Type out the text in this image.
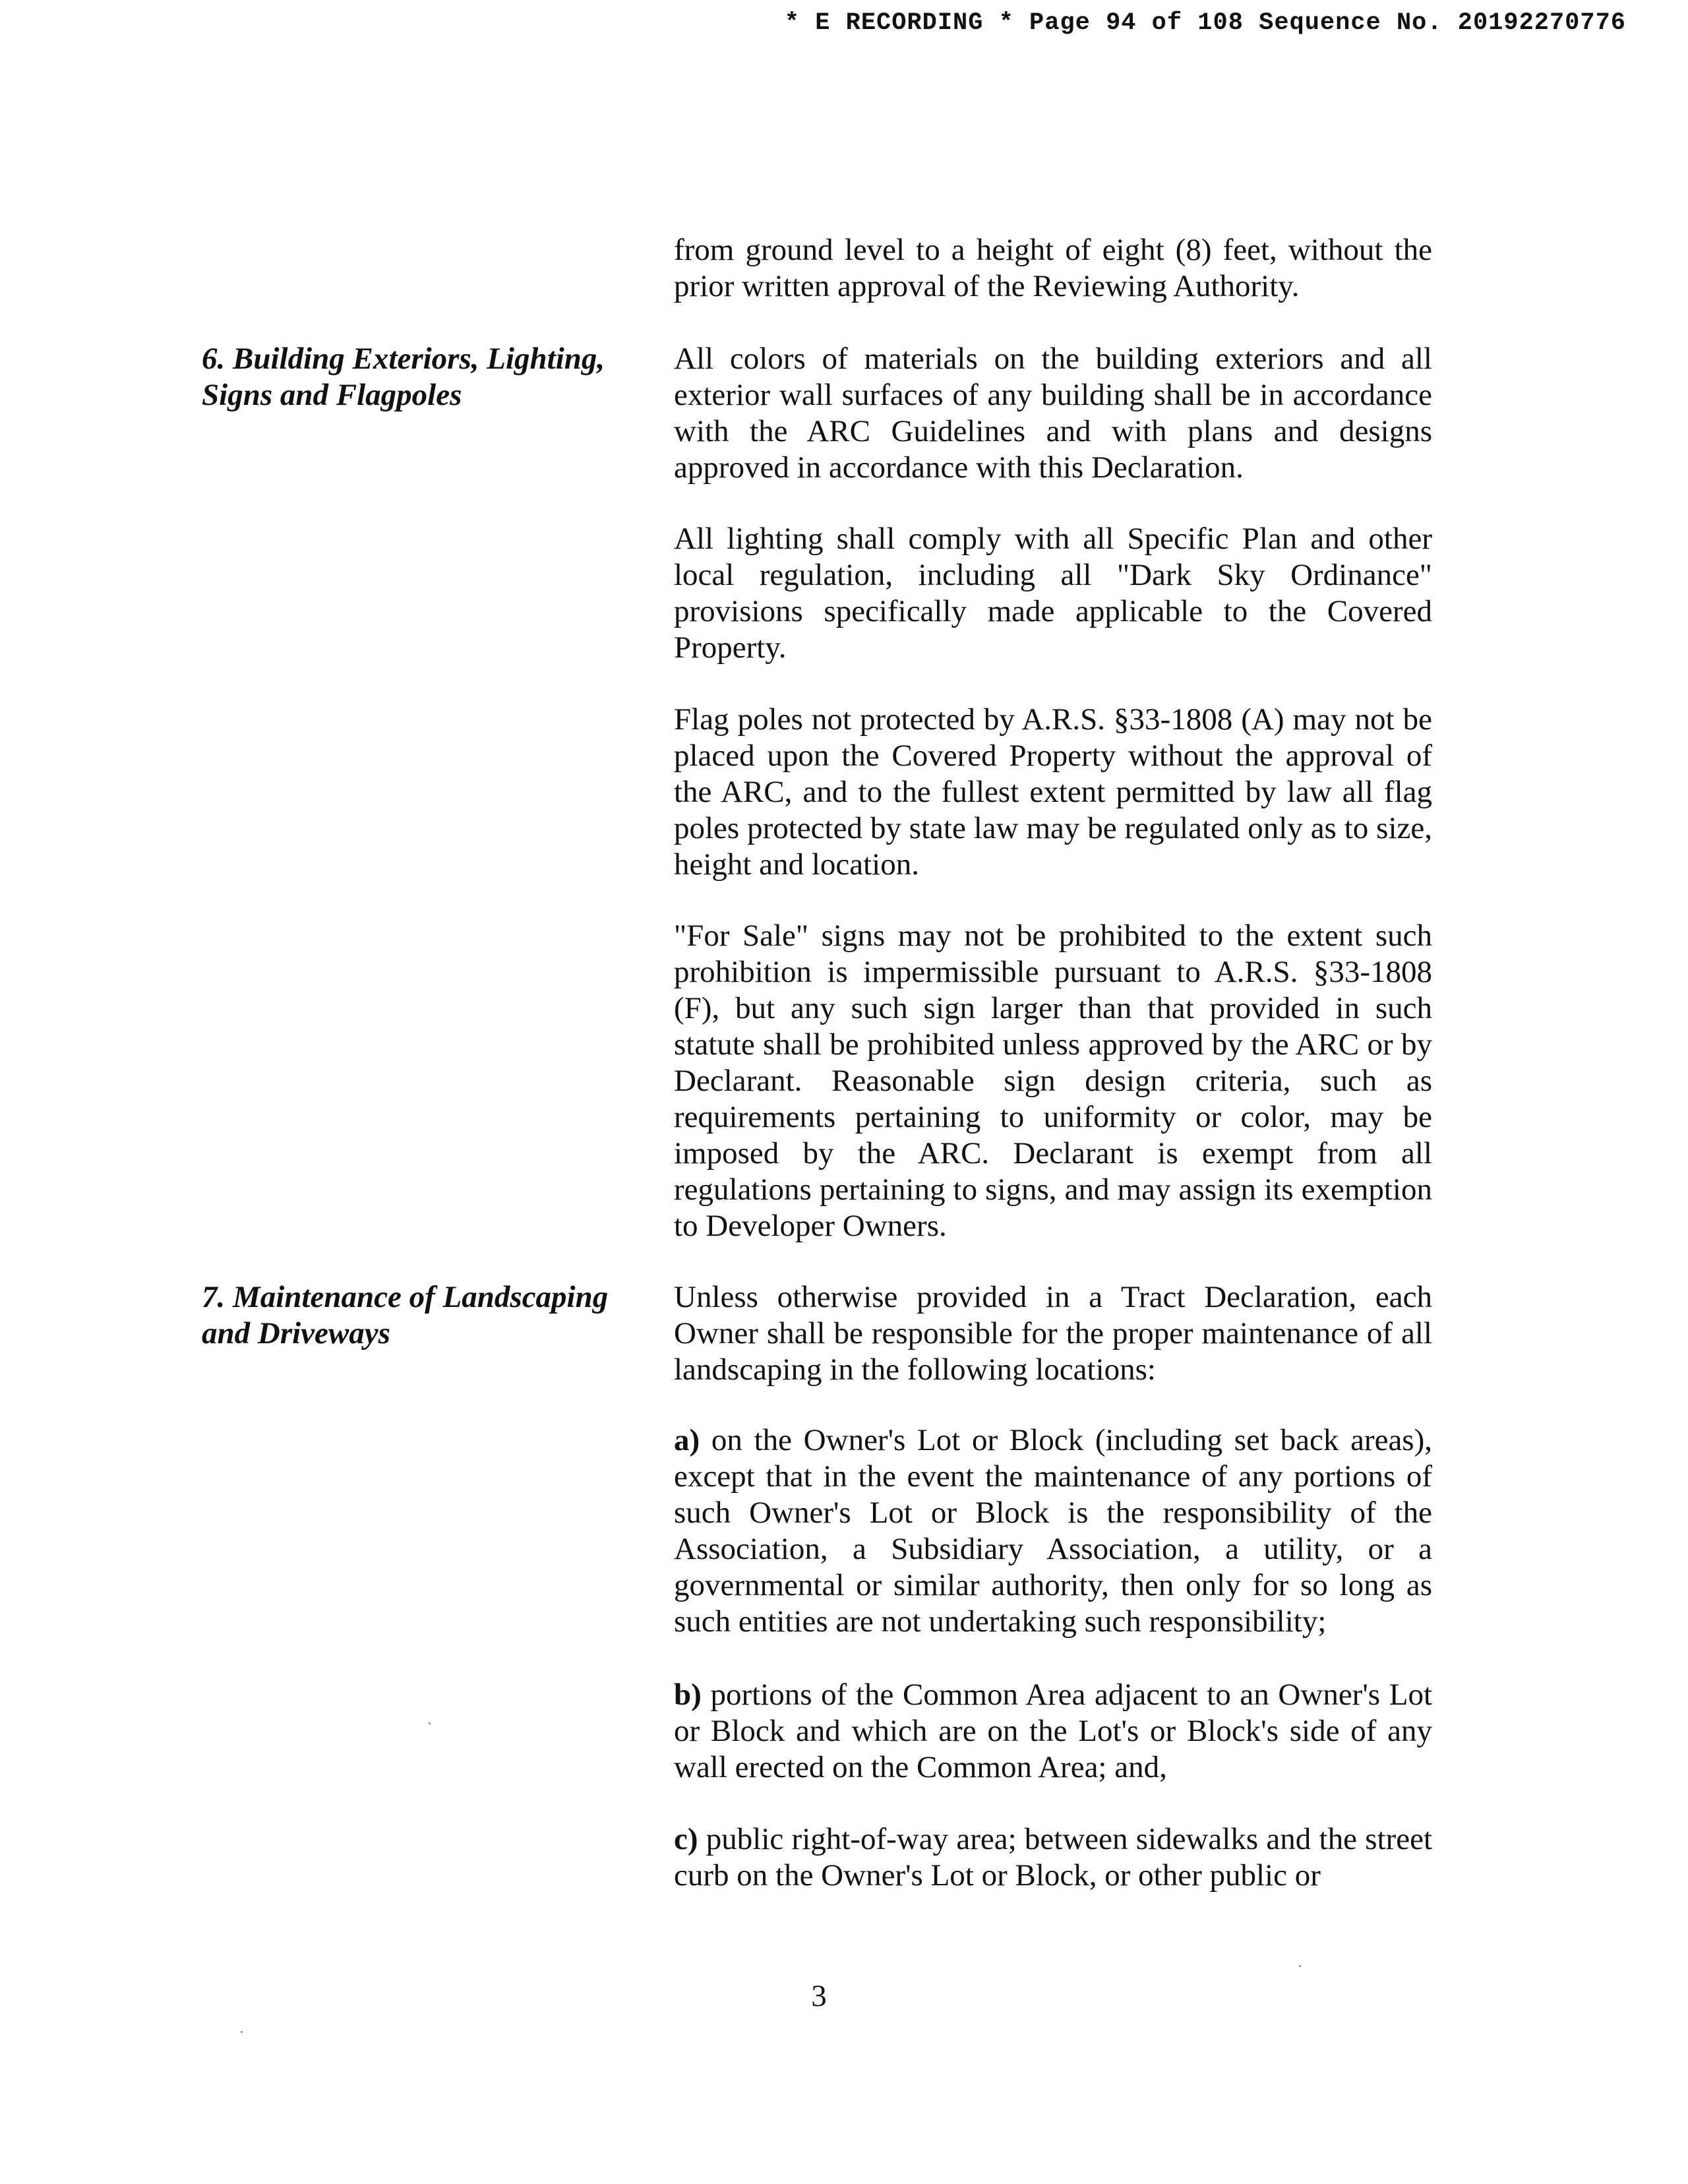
* E RECORDING * Page 94 of 108 Sequence No. 20192270776
from ground level to a height of eight (8) feet, without the prior written approval of the Reviewing Authority.
6. Building Exteriors, Lighting, Signs and Flagpoles
All colors of materials on the building exteriors and all exterior wall surfaces of any building shall be in accordance with the ARC Guidelines and with plans and designs approved in accordance with this Declaration.
All lighting shall comply with all Specific Plan and other local regulation, including all "Dark Sky Ordinance" provisions specifically made applicable to the Covered Property.
Flag poles not protected by A.R.S. §33-1808 (A) may not be placed upon the Covered Property without the approval of the ARC, and to the fullest extent permitted by law all flag poles protected by state law may be regulated only as to size, height and location.
"For Sale" signs may not be prohibited to the extent such prohibition is impermissible pursuant to A.R.S. §33-1808 (F), but any such sign larger than that provided in such statute shall be prohibited unless approved by the ARC or by Declarant. Reasonable sign design criteria, such as requirements pertaining to uniformity or color, may be imposed by the ARC. Declarant is exempt from all regulations pertaining to signs, and may assign its exemption to Developer Owners.
7. Maintenance of Landscaping and Driveways
Unless otherwise provided in a Tract Declaration, each Owner shall be responsible for the proper maintenance of all landscaping in the following locations:
a) on the Owner's Lot or Block (including set back areas), except that in the event the maintenance of any portions of such Owner's Lot or Block is the responsibility of the Association, a Subsidiary Association, a utility, or a governmental or similar authority, then only for so long as such entities are not undertaking such responsibility;
b) portions of the Common Area adjacent to an Owner's Lot or Block and which are on the Lot's or Block's side of any wall erected on the Common Area; and,
c) public right-of-way area; between sidewalks and the street curb on the Owner's Lot or Block, or other public or
3
